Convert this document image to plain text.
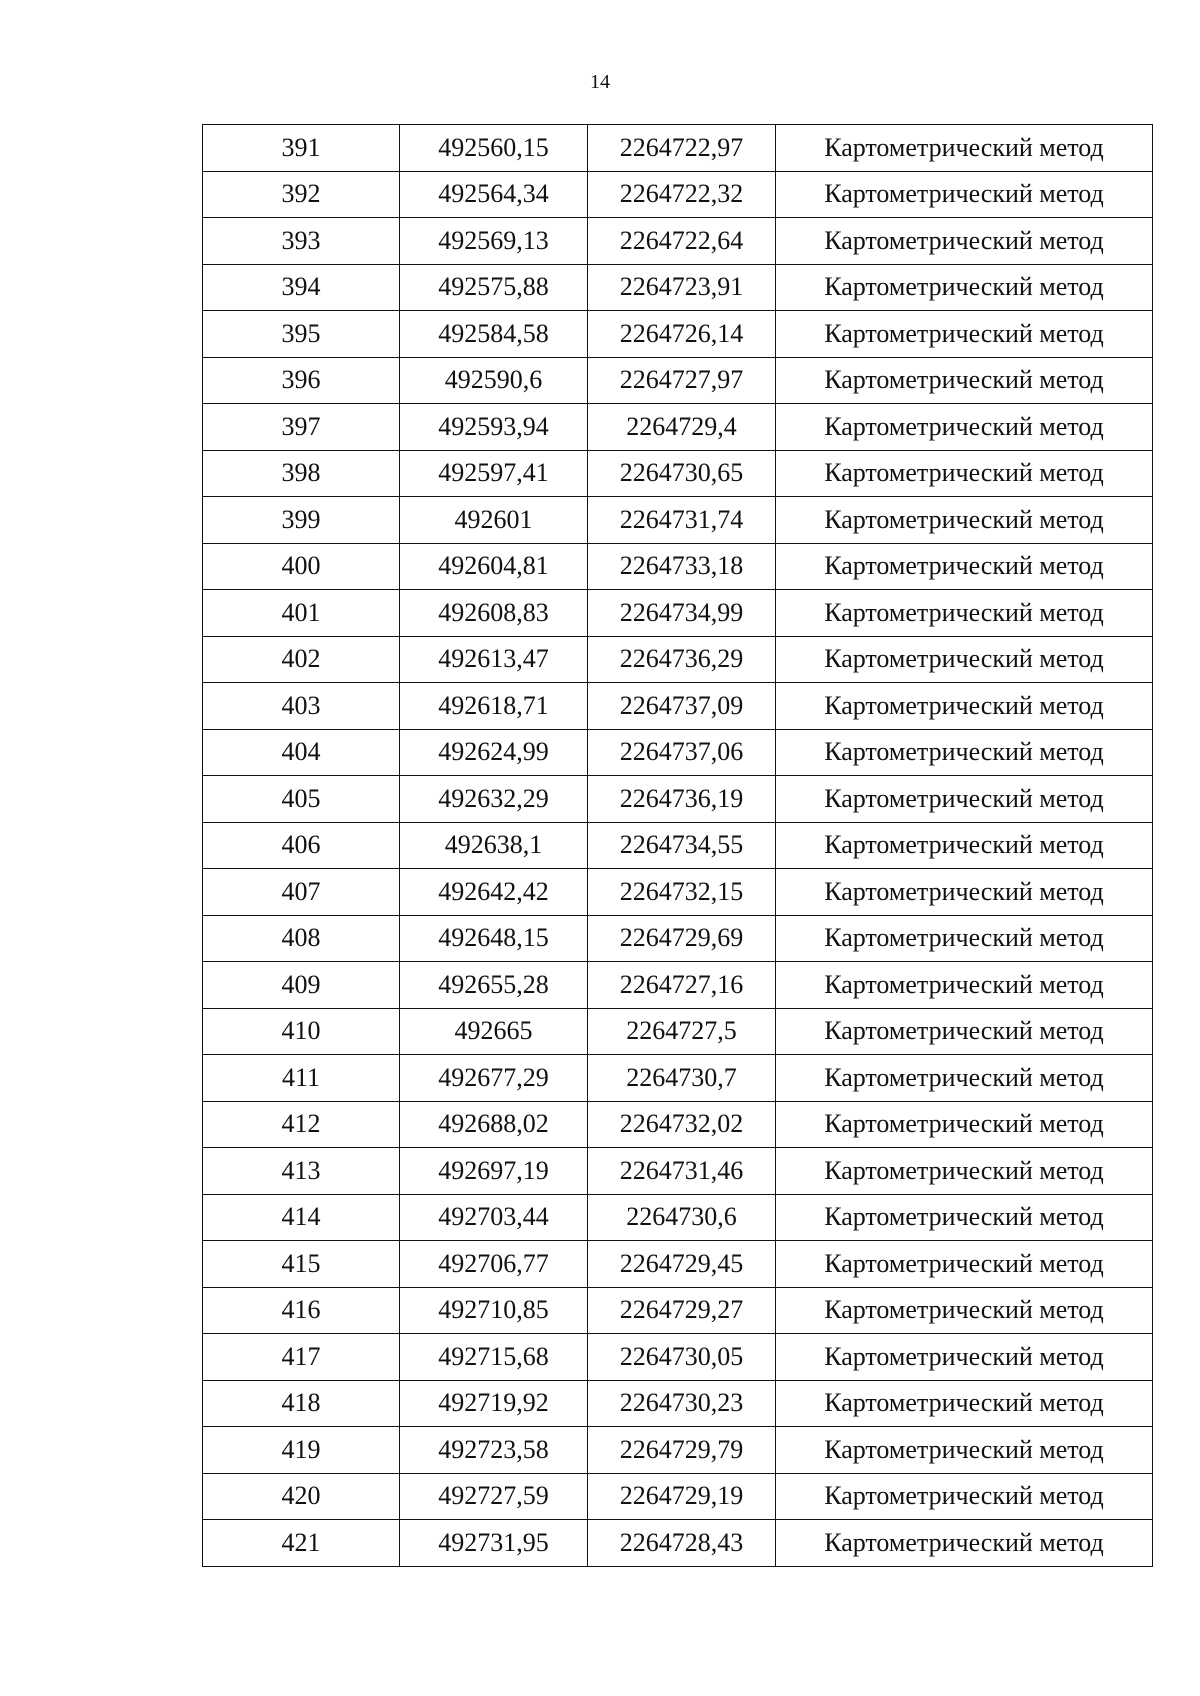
14
391	492560,15	2264722,97	Картометрический метод
392	492564,34	2264722,32	Картометрический метод
393	492569,13	2264722,64	Картометрический метод
394	492575,88	2264723,91	Картометрический метод
395	492584,58	2264726,14	Картометрический метод
396	492590,6	2264727,97	Картометрический метод
397	492593,94	2264729,4	Картометрический метод
398	492597,41	2264730,65	Картометрический метод
399	492601	2264731,74	Картометрический метод
400	492604,81	2264733,18	Картометрический метод
401	492608,83	2264734,99	Картометрический метод
402	492613,47	2264736,29	Картометрический метод
403	492618,71	2264737,09	Картометрический метод
404	492624,99	2264737,06	Картометрический метод
405	492632,29	2264736,19	Картометрический метод
406	492638,1	2264734,55	Картометрический метод
407	492642,42	2264732,15	Картометрический метод
408	492648,15	2264729,69	Картометрический метод
409	492655,28	2264727,16	Картометрический метод
410	492665	2264727,5	Картометрический метод
411	492677,29	2264730,7	Картометрический метод
412	492688,02	2264732,02	Картометрический метод
413	492697,19	2264731,46	Картометрический метод
414	492703,44	2264730,6	Картометрический метод
415	492706,77	2264729,45	Картометрический метод
416	492710,85	2264729,27	Картометрический метод
417	492715,68	2264730,05	Картометрический метод
418	492719,92	2264730,23	Картометрический метод
419	492723,58	2264729,79	Картометрический метод
420	492727,59	2264729,19	Картометрический метод
421	492731,95	2264728,43	Картометрический метод
